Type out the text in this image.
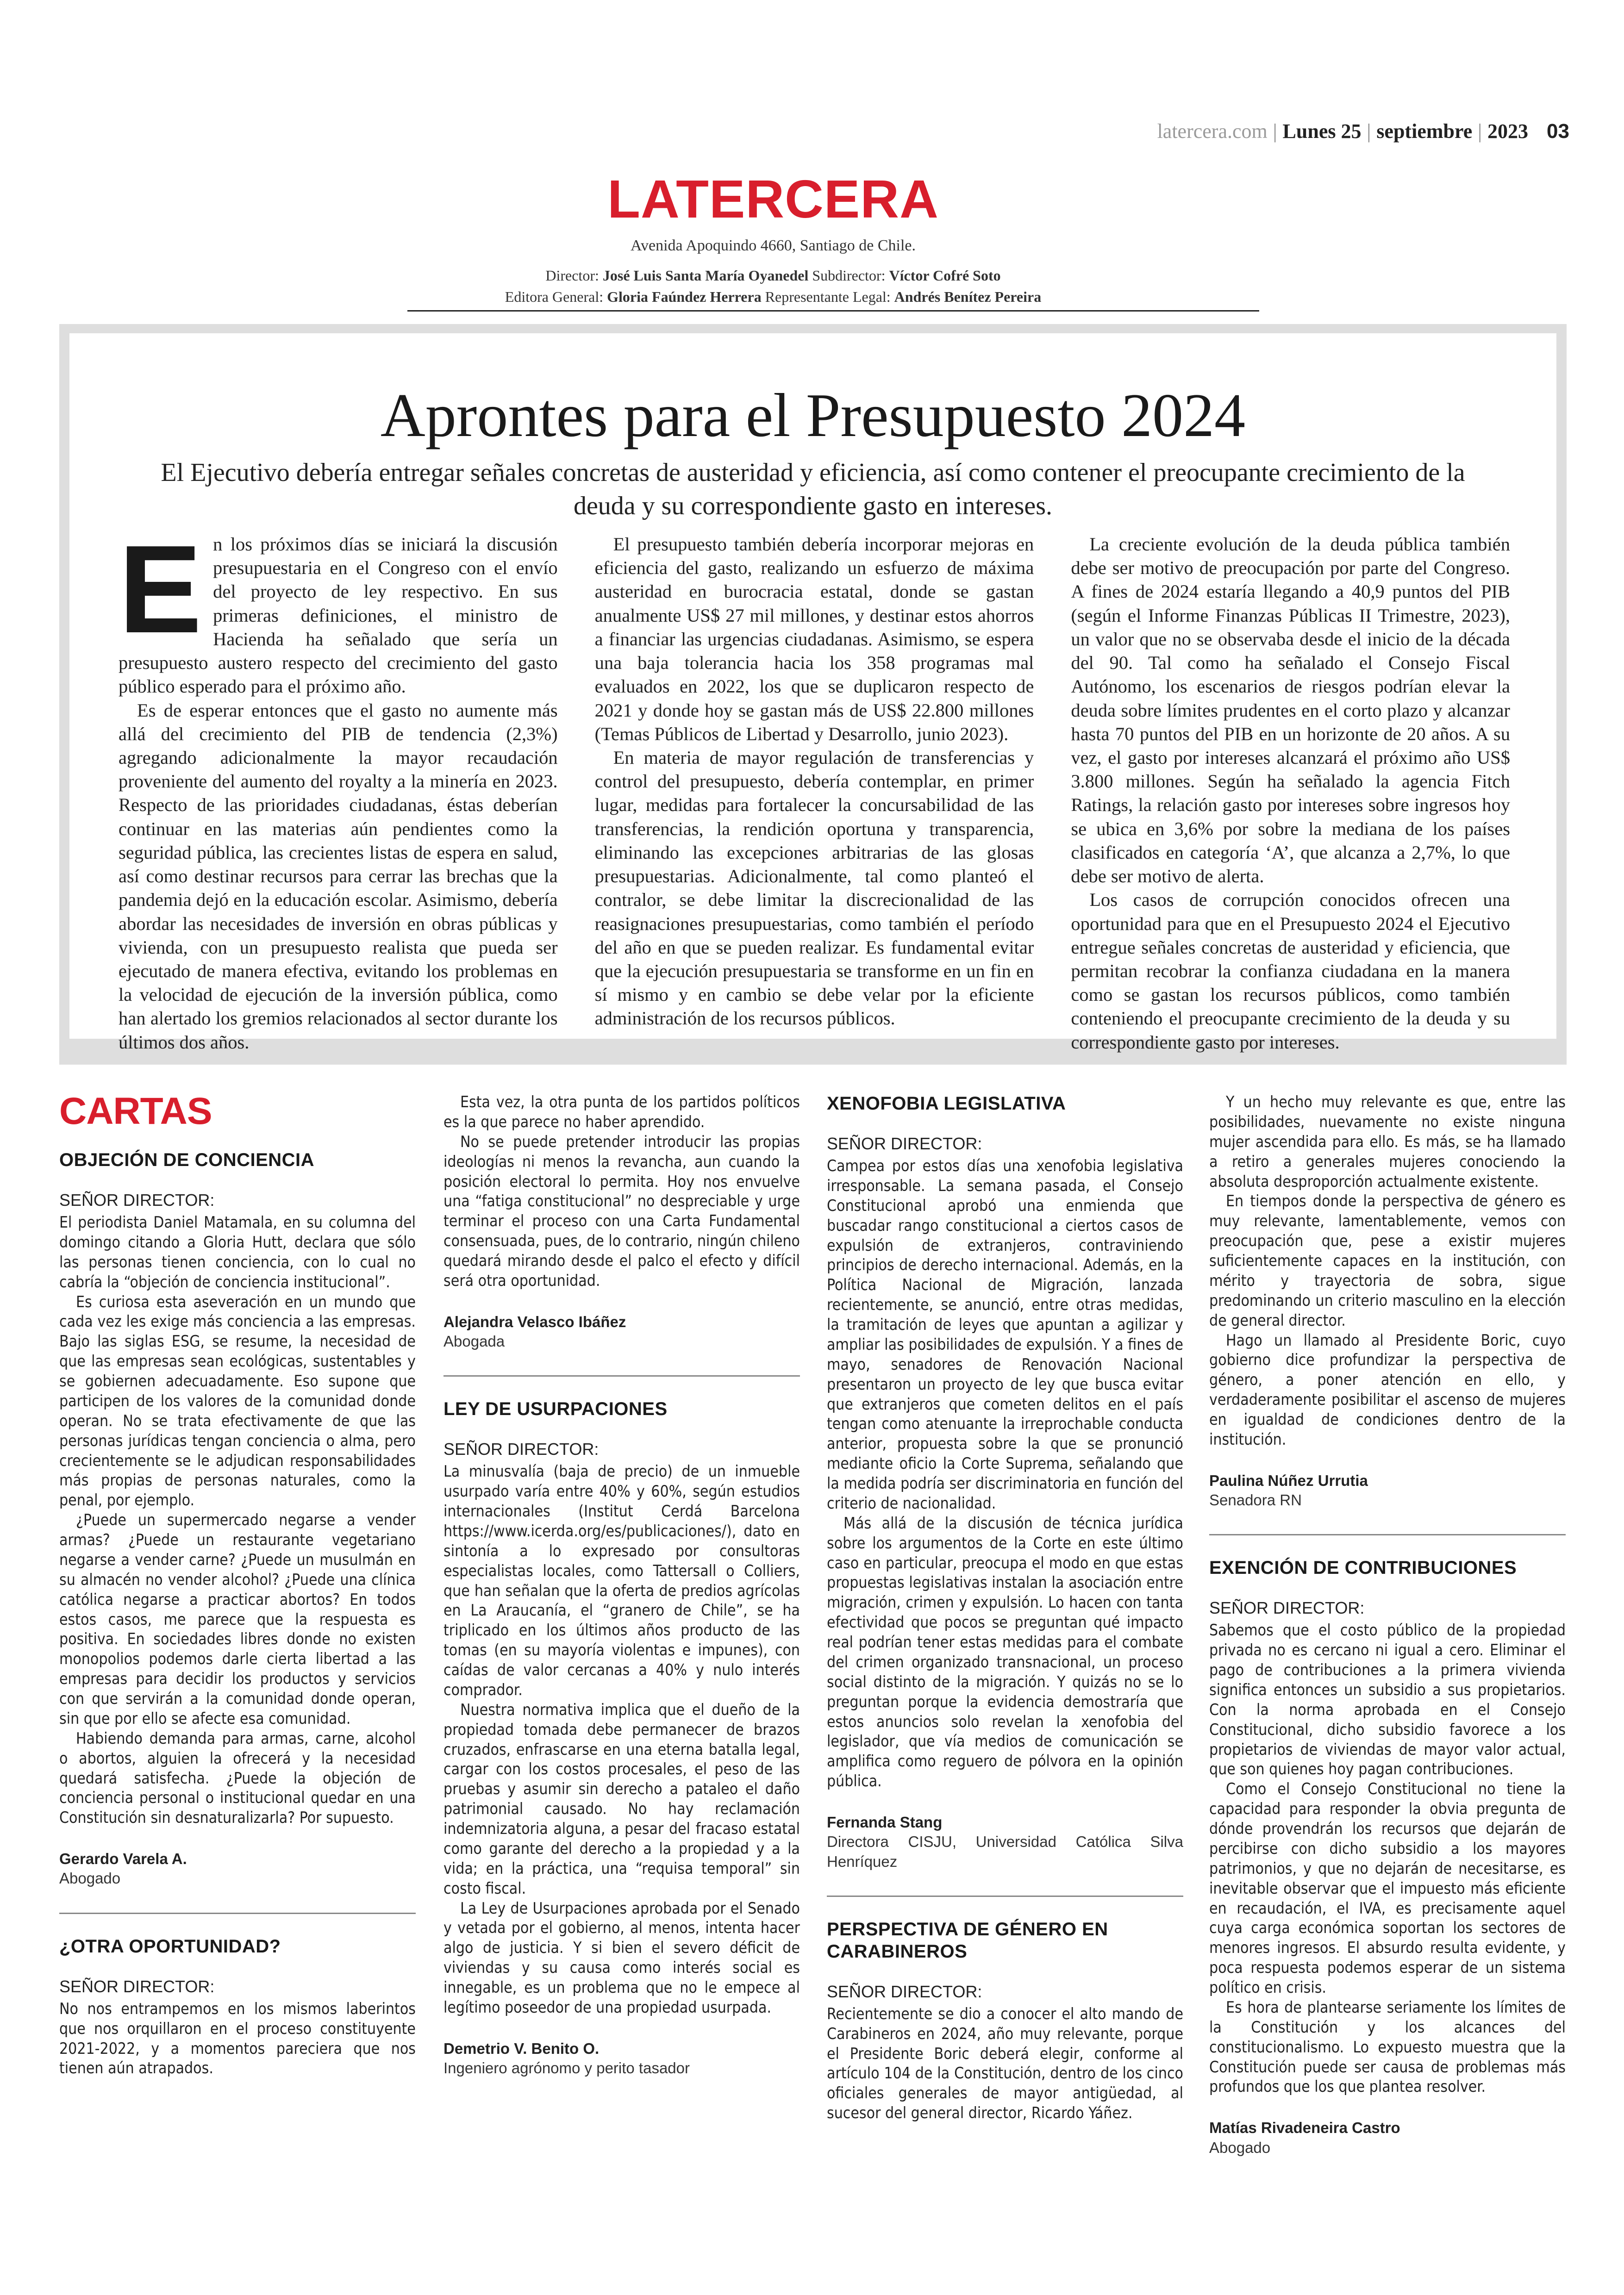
latercera.com | Lunes 25 | septiembre | 2023 03
LATERCERA
Avenida Apoquindo 4660, Santiago de Chile.
Director: José Luis Santa María Oyanedel Subdirector: Víctor Cofré Soto
Editora General: Gloria Faúndez Herrera Representante Legal: Andrés Benítez Pereira
Aprontes para el Presupuesto 2024
El Ejecutivo debería entregar señales concretas de austeridad y eficiencia, así como contener el preocupante crecimiento de la deuda y su correspondiente gasto en intereses.

En los próximos días se iniciará la discusión presupuestaria en el Congreso con el envío del proyecto de ley respectivo. En sus primeras definiciones, el ministro de Hacienda ha señalado que sería un presupuesto austero respecto del crecimiento del gasto público esperado para el próximo año.

Es de esperar entonces que el gasto no aumente más allá del crecimiento del PIB de tendencia (2,3%) agregando adicionalmente la mayor recaudación proveniente del aumento del royalty a la minería en 2023. Respecto de las prioridades ciudadanas, éstas deberían continuar en las materias aún pendientes como la seguridad pública, las crecientes listas de espera en salud, así como destinar recursos para cerrar las brechas que la pandemia dejó en la educación escolar. Asimismo, debería abordar las necesidades de inversión en obras públicas y vivienda, con un presupuesto realista que pueda ser ejecutado de manera efectiva, evitando los problemas en la velocidad de ejecución de la inversión pública, como han alertado los gremios relacionados al sector durante los últimos dos años.

El presupuesto también debería incorporar mejoras en eficiencia del gasto, realizando un esfuerzo de máxima austeridad en burocracia estatal, donde se gastan anualmente US$ 27 mil millones, y destinar estos ahorros a financiar las urgencias ciudadanas. Asimismo, se espera una baja tolerancia hacia los 358 programas mal evaluados en 2022, los que se duplicaron respecto de 2021 y donde hoy se gastan más de US$ 22.800 millones (Temas Públicos de Libertad y Desarrollo, junio 2023).

En materia de mayor regulación de transferencias y control del presupuesto, debería contemplar, en primer lugar, medidas para fortalecer la concursabilidad de las transferencias, la rendición oportuna y transparencia, eliminando las excepciones arbitrarias de las glosas presupuestarias. Adicionalmente, tal como planteó el contralor, se debe limitar la discrecionalidad de las reasignaciones presupuestarias, como también el período del año en que se pueden realizar. Es fundamental evitar que la ejecución presupuestaria se transforme en un fin en sí mismo y en cambio se debe velar por la eficiente administración de los recursos públicos.

La creciente evolución de la deuda pública también debe ser motivo de preocupación por parte del Congreso. A fines de 2024 estaría llegando a 40,9 puntos del PIB (según el Informe Finanzas Públicas II Trimestre, 2023), un valor que no se observaba desde el inicio de la década del 90. Tal como ha señalado el Consejo Fiscal Autónomo, los escenarios de riesgos podrían elevar la deuda sobre límites prudentes en el corto plazo y alcanzar hasta 70 puntos del PIB en un horizonte de 20 años. A su vez, el gasto por intereses alcanzará el próximo año US$ 3.800 millones. Según ha señalado la agencia Fitch Ratings, la relación gasto por intereses sobre ingresos hoy se ubica en 3,6% por sobre la mediana de los países clasificados en categoría ‘A’, que alcanza a 2,7%, lo que debe ser motivo de alerta.

Los casos de corrupción conocidos ofrecen una oportunidad para que en el Presupuesto 2024 el Ejecutivo entregue señales concretas de austeridad y eficiencia, que permitan recobrar la confianza ciudadana en la manera como se gastan los recursos públicos, como también conteniendo el preocupante crecimiento de la deuda y su correspondiente gasto por intereses.

CARTAS
OBJECIÓN DE CONCIENCIA

SEÑOR DIRECTOR:

El periodista Daniel Matamala, en su columna del domingo citando a Gloria Hutt, declara que sólo las personas tienen conciencia, con lo cual no cabría la “objeción de conciencia institucional”.

Es curiosa esta aseveración en un mundo que cada vez les exige más conciencia a las empresas. Bajo las siglas ESG, se resume, la necesidad de que las empresas sean ecológicas, sustentables y se gobiernen adecuadamente. Eso supone que participen de los valores de la comunidad donde operan. No se trata efectivamente de que las personas jurídicas tengan conciencia o alma, pero crecientemente se le adjudican responsabilidades más propias de personas naturales, como la penal, por ejemplo.

¿Puede un supermercado negarse a vender armas? ¿Puede un restaurante vegetariano negarse a vender carne? ¿Puede un musulmán en su almacén no vender alcohol? ¿Puede una clínica católica negarse a practicar abortos? En todos estos casos, me parece que la respuesta es positiva. En sociedades libres donde no existen monopolios podemos darle cierta libertad a las empresas para decidir los productos y servicios con que servirán a la comunidad donde operan, sin que por ello se afecte esa comunidad.

Habiendo demanda para armas, carne, alcohol o abortos, alguien la ofrecerá y la necesidad quedará satisfecha. ¿Puede la objeción de conciencia personal o institucional quedar en una Constitución sin desnaturalizarla? Por supuesto.

Gerardo Varela A.

Abogado

¿OTRA OPORTUNIDAD?

SEÑOR DIRECTOR:

No nos entrampemos en los mismos laberintos que nos orquillaron en el proceso constituyente 2021-2022, y a momentos pareciera que nos tienen aún atrapados.

Esta vez, la otra punta de los partidos políticos es la que parece no haber aprendido.

No se puede pretender introducir las propias ideologías ni menos la revancha, aun cuando la posición electoral lo permita. Hoy nos envuelve una “fatiga constitucional” no despreciable y urge terminar el proceso con una Carta Fundamental consensuada, pues, de lo contrario, ningún chileno quedará mirando desde el palco el efecto y difícil será otra oportunidad.

Alejandra Velasco Ibáñez

Abogada

LEY DE USURPACIONES

SEÑOR DIRECTOR:

La minusvalía (baja de precio) de un inmueble usurpado varía entre 40% y 60%, según estudios internacionales (Institut Cerdá Barcelona https://www.icerda.org/es/publicaciones/), dato en sintonía a lo expresado por consultoras especialistas locales, como Tattersall o Colliers, que han señalan que la oferta de predios agrícolas en La Araucanía, el “granero de Chile”, se ha triplicado en los últimos años producto de las tomas (en su mayoría violentas e impunes), con caídas de valor cercanas a 40% y nulo interés comprador.

Nuestra normativa implica que el dueño de la propiedad tomada debe permanecer de brazos cruzados, enfrascarse en una eterna batalla legal, cargar con los costos procesales, el peso de las pruebas y asumir sin derecho a pataleo el daño patrimonial causado. No hay reclamación indemnizatoria alguna, a pesar del fracaso estatal como garante del derecho a la propiedad y a la vida; en la práctica, una “requisa temporal” sin costo fiscal.

La Ley de Usurpaciones aprobada por el Senado y vetada por el gobierno, al menos, intenta hacer algo de justicia. Y si bien el severo déficit de viviendas y su causa como interés social es innegable, es un problema que no le empece al legítimo poseedor de una propiedad usurpada.

Demetrio V. Benito O.

Ingeniero agrónomo y perito tasador

XENOFOBIA LEGISLATIVA

SEÑOR DIRECTOR:

Campea por estos días una xenofobia legislativa irresponsable. La semana pasada, el Consejo Constitucional aprobó una enmienda que buscadar rango constitucional a ciertos casos de expulsión de extranjeros, contraviniendo principios de derecho internacional. Además, en la Política Nacional de Migración, lanzada recientemente, se anunció, entre otras medidas, la tramitación de leyes que apuntan a agilizar y ampliar las posibilidades de expulsión. Y a fines de mayo, senadores de Renovación Nacional presentaron un proyecto de ley que busca evitar que extranjeros que cometen delitos en el país tengan como atenuante la irreprochable conducta anterior, propuesta sobre la que se pronunció mediante oficio la Corte Suprema, señalando que la medida podría ser discriminatoria en función del criterio de nacionalidad.

Más allá de la discusión de técnica jurídica sobre los argumentos de la Corte en este último caso en particular, preocupa el modo en que estas propuestas legislativas instalan la asociación entre migración, crimen y expulsión. Lo hacen con tanta efectividad que pocos se preguntan qué impacto real podrían tener estas medidas para el combate del crimen organizado transnacional, un proceso social distinto de la migración. Y quizás no se lo preguntan porque la evidencia demostraría que estos anuncios solo revelan la xenofobia del legislador, que vía medios de comunicación se amplifica como reguero de pólvora en la opinión pública.

Fernanda Stang

Directora CISJU, Universidad Católica Silva Henríquez

PERSPECTIVA DE GÉNERO EN CARABINEROS

SEÑOR DIRECTOR:

Recientemente se dio a conocer el alto mando de Carabineros en 2024, año muy relevante, porque el Presidente Boric deberá elegir, conforme al artículo 104 de la Constitución, dentro de los cinco oficiales generales de mayor antigüedad, al sucesor del general director, Ricardo Yáñez.

Y un hecho muy relevante es que, entre las posibilidades, nuevamente no existe ninguna mujer ascendida para ello. Es más, se ha llamado a retiro a generales mujeres conociendo la absoluta desproporción actualmente existente.

En tiempos donde la perspectiva de género es muy relevante, lamentablemente, vemos con preocupación que, pese a existir mujeres suficientemente capaces en la institución, con mérito y trayectoria de sobra, sigue predominando un criterio masculino en la elección de general director.

Hago un llamado al Presidente Boric, cuyo gobierno dice profundizar la perspectiva de género, a poner atención en ello, y verdaderamente posibilitar el ascenso de mujeres en igualdad de condiciones dentro de la institución.

Paulina Núñez Urrutia

Senadora RN

EXENCIÓN DE CONTRIBUCIONES

SEÑOR DIRECTOR:

Sabemos que el costo público de la propiedad privada no es cercano ni igual a cero. Eliminar el pago de contribuciones a la primera vivienda significa entonces un subsidio a sus propietarios. Con la norma aprobada en el Consejo Constitucional, dicho subsidio favorece a los propietarios de viviendas de mayor valor actual, que son quienes hoy pagan contribuciones.

Como el Consejo Constitucional no tiene la capacidad para responder la obvia pregunta de dónde provendrán los recursos que dejarán de percibirse con dicho subsidio a los mayores patrimonios, y que no dejarán de necesitarse, es inevitable observar que el impuesto más eficiente en recaudación, el IVA, es precisamente aquel cuya carga económica soportan los sectores de menores ingresos. El absurdo resulta evidente, y poca respuesta podemos esperar de un sistema político en crisis.

Es hora de plantearse seriamente los límites de la Constitución y los alcances del constitucionalismo. Lo expuesto muestra que la Constitución puede ser causa de problemas más profundos que los que plantea resolver.

Matías Rivadeneira Castro

Abogado
